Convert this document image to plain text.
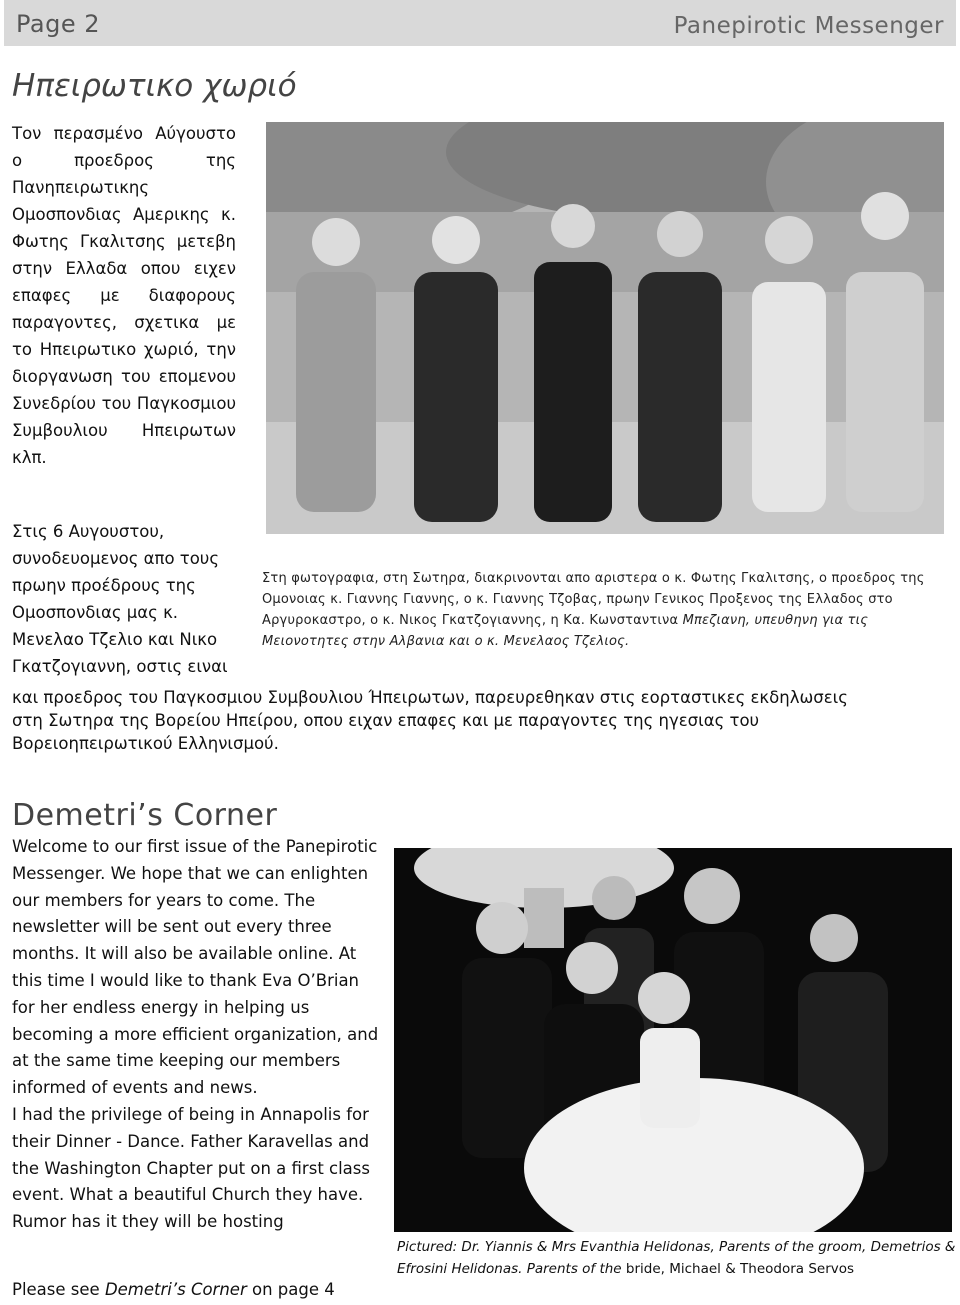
Page 2	Panepirotic Messenger
Ηπειρωτικο χωριό
Τον περασμένο Αύγουστο ο πρoεδρος της Πανηπειρωτικης Ομοσπονδιας Αμερικης κ. Φωτης Γκαλιτσης μετεβη στην Ελλαδα οπου ειχεν επαφες με διαφορους παραγοντες, σχετικα με το Ηπειρωτικο χωριό, την διοργανωση του επομενου Συνεδρίου του Παγκοσμιου Συμβουλιου Ηπειρωτων κλπ.
Στις 6 Αυγουστου, συνοδευομενος απο τους πρωην προέδρους της Ομοσπονδιας μας κ. Μενελαο Τζελιο και Νικο Γκατζογιαννη, οστις ειναι
και προεδρος του Παγκοσμιου Συμβουλιου Ήπειρωτων, παρευρεθηκαν στις εορταστικες εκδηλωσεις στη Σωτηρα της Βορείου Ηπείρου, οπου ειχαν επαφες και με παραγοντες της ηγεσιας του Βορειοηπειρωτικού Ελληνισμού.
Στη φωτογραφια, στη Σωτηρα, διακρινονται απο αριστερα ο κ. Φωτης Γκαλιτσης, ο προεδρος της Ομονοιας κ. Γιαννης Γιαννης, ο κ. Γιαννης Τζοβας, πρωην Γενικος Προξενος της Ελλαδος στο Αργυροκαστρο, ο κ. Νικος Γκατζογιαννης, η Κα. Κωνσταντινα Μπεζιανη, υπευθηνη για τις Μειονοτητες στην Αλβανια και ο κ. Μενελαος Τζελιος.
Demetri’s Corner

Welcome to our first issue of the Panepirotic Messenger. We hope that we can enlighten our members for years to come. The newsletter will be sent out every three months. It will also be available online. At this time I would like to thank Eva O’Brian for her endless energy in helping us becoming a more efficient organization, and at the same time keeping our members informed of events and news.

I had the privilege of being in Annapolis for their Dinner - Dance. Father Karavellas and the Washington Chapter put on a first class event. What a beautiful Church they have. Rumor has it they will be hosting

Please see Demetri’s Corner on page 4
Pictured: Dr. Yiannis & Mrs Evanthia Helidonas, Parents of the groom, Demetrios & Efrosini Helidonas. Parents of the bride, Michael & Theodora Servos
